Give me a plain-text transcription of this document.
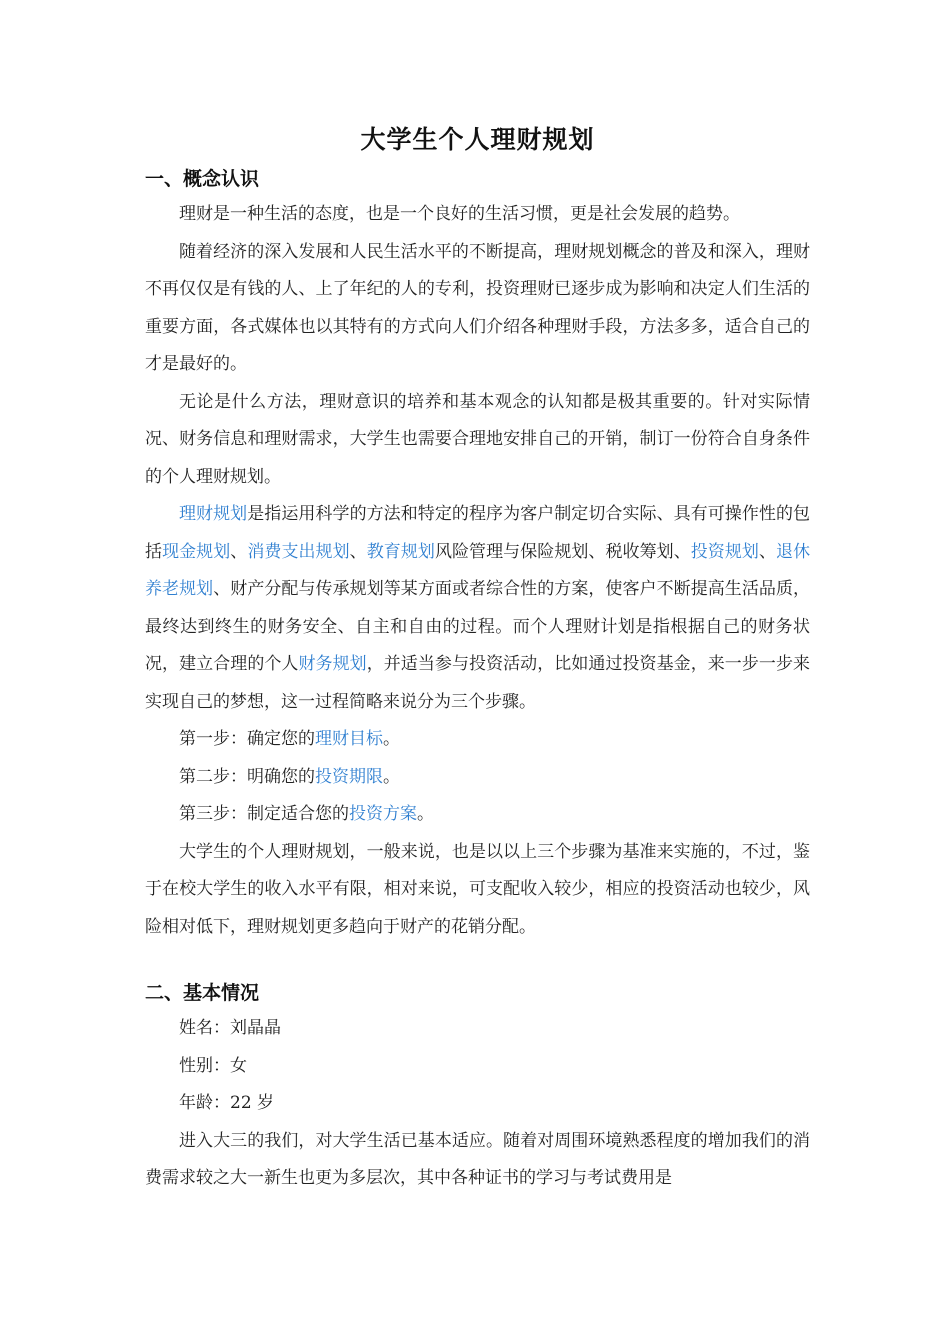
大学生个人理财规划
一、概念认识

理财是一种生活的态度，也是一个良好的生活习惯，更是社会发展的趋势。

随着经济的深入发展和人民生活水平的不断提高，理财规划概念的普及和深入，理财不再仅仅是有钱的人、上了年纪的人的专利，投资理财已逐步成为影响和决定人们生活的重要方面，各式媒体也以其特有的方式向人们介绍各种理财手段，方法多多，适合自己的才是最好的。

无论是什么方法，理财意识的培养和基本观念的认知都是极其重要的。针对实际情况、财务信息和理财需求，大学生也需要合理地安排自己的开销，制订一份符合自身条件的个人理财规划。

理财规划是指运用科学的方法和特定的程序为客户制定切合实际、具有可操作性的包括现金规划、消费支出规划、教育规划风险管理与保险规划、税收筹划、投资规划、退休养老规划、财产分配与传承规划等某方面或者综合性的方案，使客户不断提高生活品质，最终达到终生的财务安全、自主和自由的过程。而个人理财计划是指根据自己的财务状况，建立合理的个人财务规划，并适当参与投资活动，比如通过投资基金，来一步一步来实现自己的梦想，这一过程简略来说分为三个步骤。

第一步：确定您的理财目标。

第二步：明确您的投资期限。

第三步：制定适合您的投资方案。

大学生的个人理财规划，一般来说，也是以以上三个步骤为基准来实施的，不过，鉴于在校大学生的收入水平有限，相对来说，可支配收入较少，相应的投资活动也较少，风险相对低下，理财规划更多趋向于财产的花销分配。

二、基本情况

姓名：刘晶晶

性别：女

年龄：22 岁

进入大三的我们，对大学生活已基本适应。随着对周围环境熟悉程度的增加我们的消费需求较之大一新生也更为多层次，其中各种证书的学习与考试费用是
